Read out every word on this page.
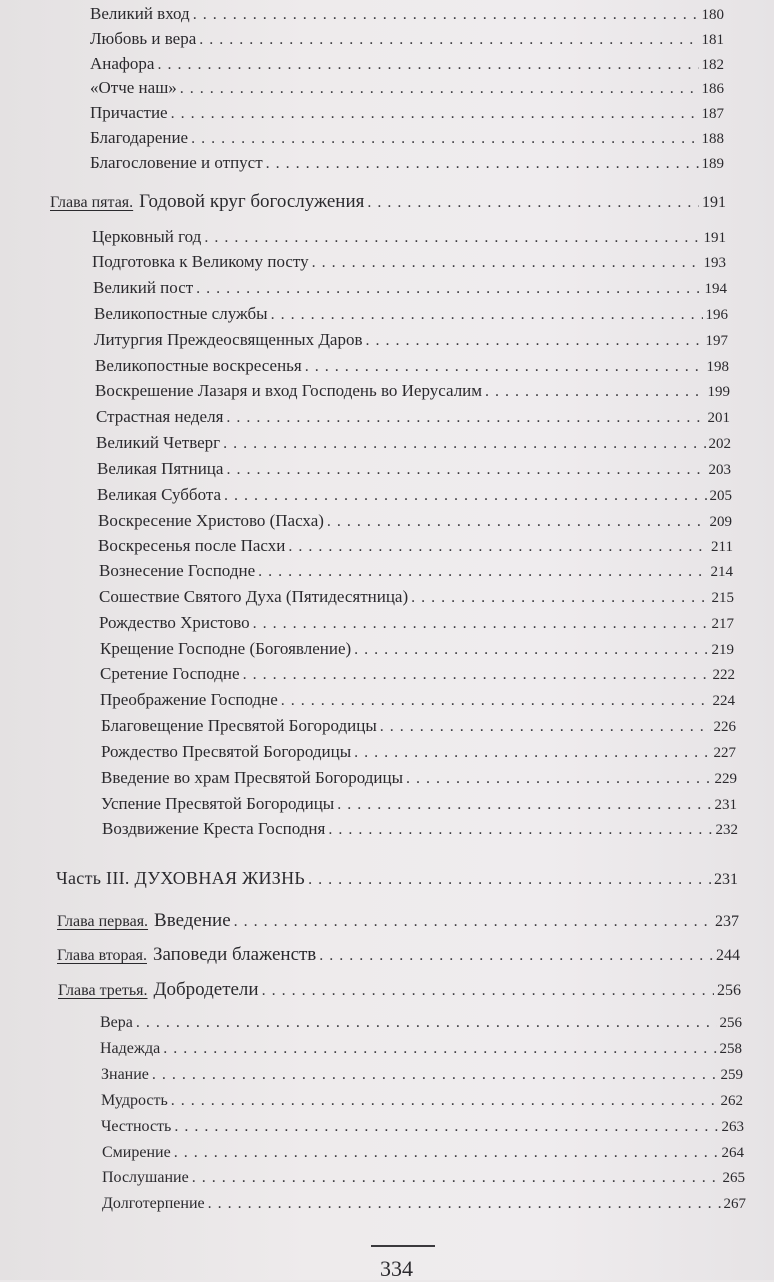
Великий вход . . .	180
Любовь и вера . . .	181
Анафора . . .	182
«Отче наш» . . .	186
Причастие . . .	187
Благодарение . . .	188
Благословение и отпуст . . .	189
Глава пятая. Годовой круг богослужения . . .	191
Церковный год . . .	191
Подготовка к Великому посту . . .	193
Великий пост . . .	194
Великопостные службы . . .	196
Литургия Преждеосвященных Даров . . .	197
Великопостные воскресенья . . .	198
Воскрешение Лазаря и вход Господень во Иерусалим . . .	199
Страстная неделя . . .	201
Великий Четверг . . .	202
Великая Пятница . . .	203
Великая Суббота . . .	205
Воскресение Христово (Пасха) . . .	209
Воскресенья после Пасхи . . .	211
Вознесение Господне . . .	214
Сошествие Святого Духа (Пятидесятница) . . .	215
Рождество Христово . . .	217
Крещение Господне (Богоявление) . . .	219
Сретение Господне . . .	222
Преображение Господне . . .	224
Благовещение Пресвятой Богородицы . . .	226
Рождество Пресвятой Богородицы . . .	227
Введение во храм Пресвятой Богородицы . . .	229
Успение Пресвятой Богородицы . . .	231
Воздвижение Креста Господня . . .	232
Часть III. ДУХОВНАЯ ЖИЗНЬ . . .	231
Глава первая. Введение . . .	237
Глава вторая. Заповеди блаженств . . .	244
Глава третья. Добродетели . . .	256
Вера . . .	256
Надежда . . .	258
Знание . . .	259
Мудрость . . .	262
Честность . . .	263
Смирение . . .	264
Послушание . . .	265
Долготерпение . . .	267
334
